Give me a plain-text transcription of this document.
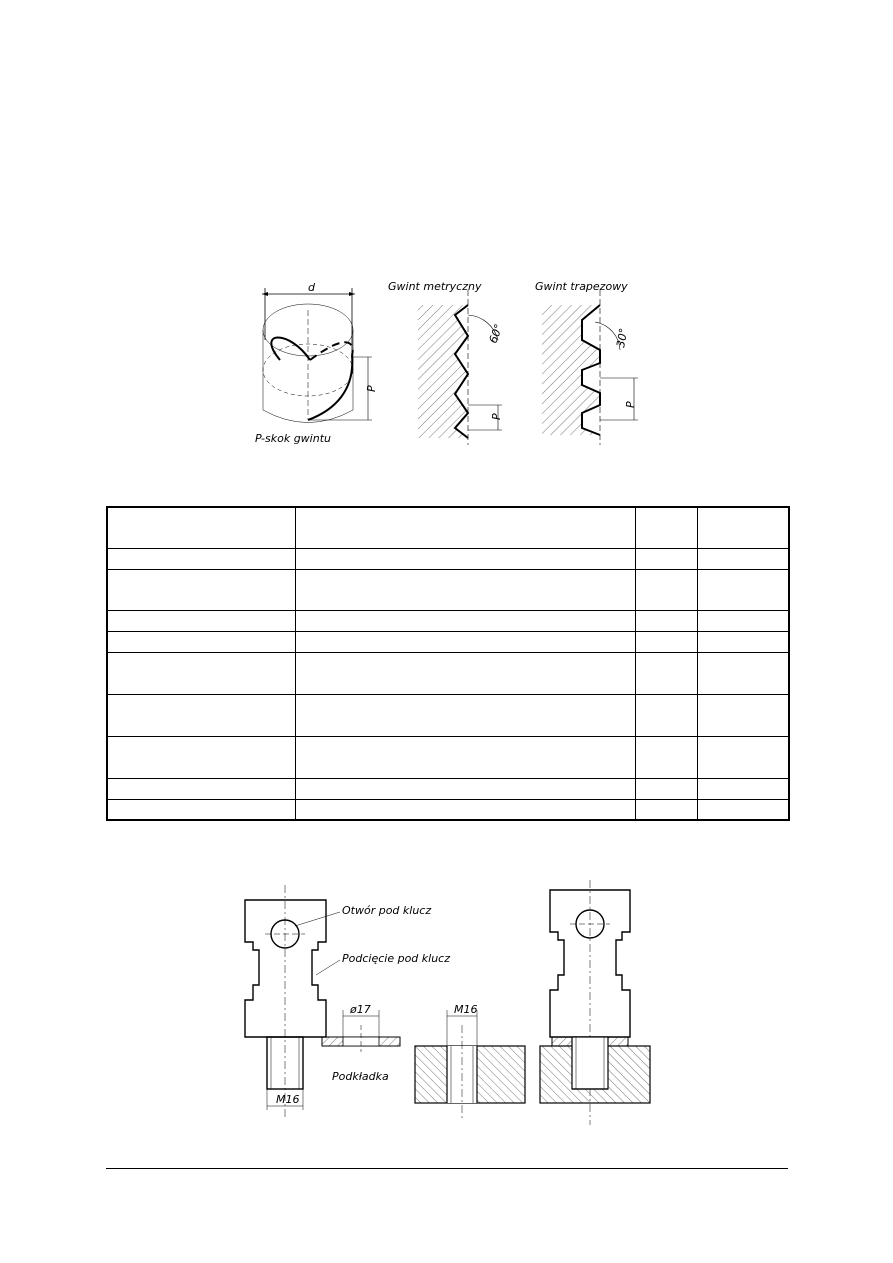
d
P
P-skok gwintu
Gwint metryczny
60°
P
Gwint trapezowy
30°
P

M16
Otwór pod klucz
Podcięcie pod klucz
ø17
Podkładka
M16
